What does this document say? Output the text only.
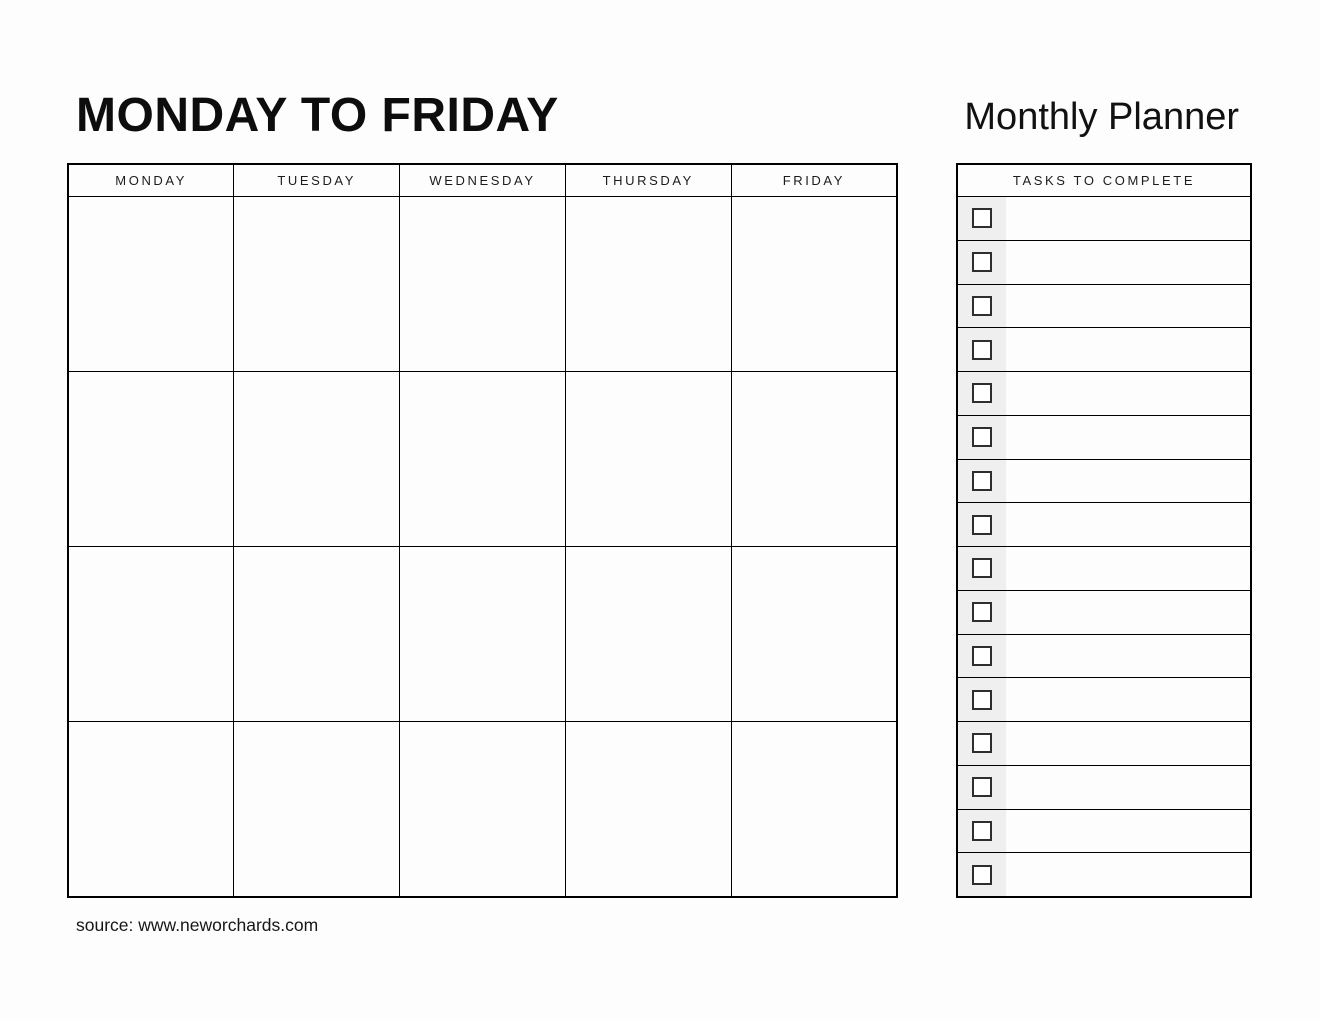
MONDAY TO FRIDAY	Monthly Planner
MONDAY	TUESDAY	WEDNESDAY	THURSDAY	FRIDAY

					TASKS TO COMPLETE
source: www.neworchards.com
